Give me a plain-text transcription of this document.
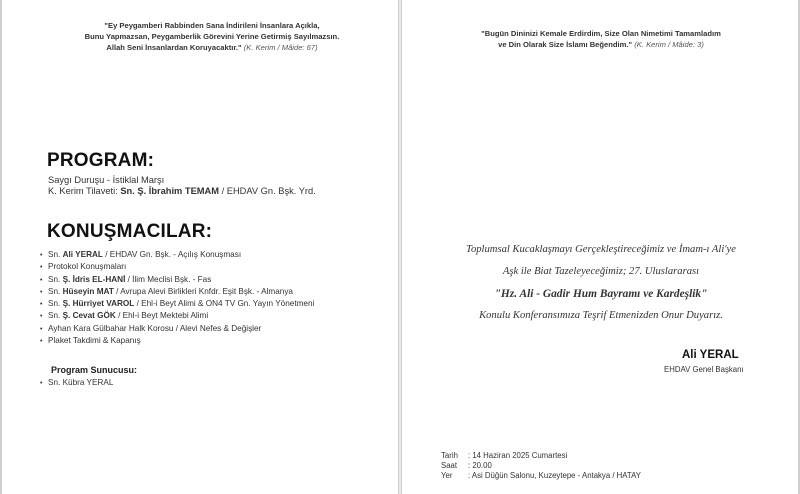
"Ey Peygamberi Rabbinden Sana İndirileni İnsanlara Açıkla,
Bunu Yapmazsan, Peygamberlik Görevini Yerine Getirmiş Sayılmazsın.
Allah Seni İnsanlardan Koruyacaktır." (K. Kerim / Mâide: 67)
PROGRAM:
Saygı Duruşu - İstiklal Marşı
K. Kerim Tilaveti: Sn. Ş. İbrahim TEMAM / EHDAV Gn. Bşk. Yrd.
KONUŞMACILAR:
• Sn. Ali YERAL / EHDAV Gn. Bşk. - Açılış Konuşması
• Protokol Konuşmaları
• Sn. Ş. İdris EL-HANİ / İlim Meclisi Bşk. - Fas
• Sn. Hüseyin MAT / Avrupa Alevi Birlikleri Knfdr. Eşit Bşk. - Almanya
• Sn. Ş. Hürriyet VAROL / Ehl-i Beyt Alimi & ON4 TV Gn. Yayın Yönetmeni
• Sn. Ş. Cevat GÖK / Ehl-i Beyt Mektebi Alimi
• Ayhan Kara Gülbahar Halk Korosu / Alevi Nefes & Değişler
• Plaket Takdimi & Kapanış
Program Sunucusu:
• Sn. Kübra YERAL
"Bugün Dininizi Kemale Erdirdim, Size Olan Nimetimi Tamamladım
ve Din Olarak Size İslamı Beğendim." (K. Kerim / Mâide: 3)
Toplumsal Kucaklaşmayı Gerçekleştireceğimiz ve İmam-ı Ali'ye
Aşk ile Biat Tazeleyeceğimiz; 27. Uluslararası
"Hz. Ali - Gadir Hum Bayramı ve Kardeşlik"
Konulu Konferansımıza Teşrif Etmenizden Onur Duyarız.
Ali YERAL
EHDAV Genel Başkanı
Tarih : 14 Haziran 2025 Cumartesi
Saat : 20.00
Yer : Asi Düğün Salonu, Kuzeytepe - Antakya / HATAY
